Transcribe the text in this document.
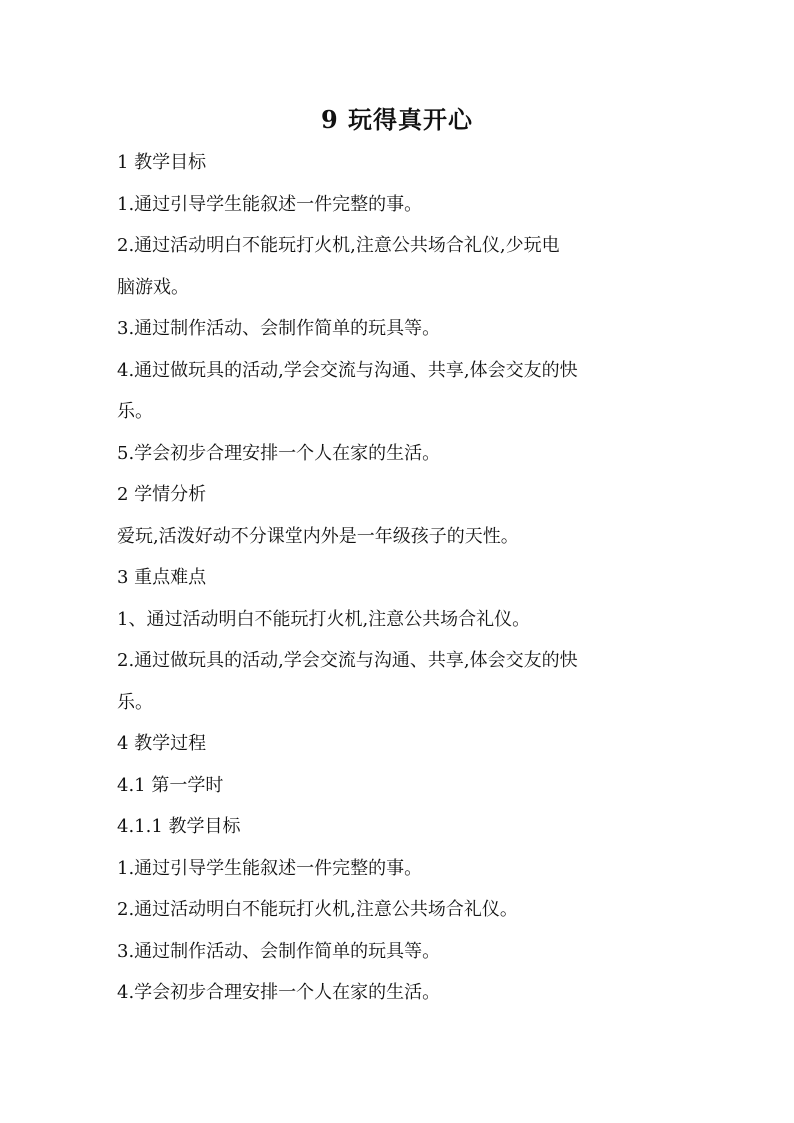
9 玩得真开心
1 教学目标
1.通过引导学生能叙述一件完整的事。
2.通过活动明白不能玩打火机,注意公共场合礼仪,少玩电
脑游戏。
3.通过制作活动、会制作简单的玩具等。
4.通过做玩具的活动,学会交流与沟通、共享,体会交友的快
乐。
5.学会初步合理安排一个人在家的生活。
2 学情分析
爱玩,活泼好动不分课堂内外是一年级孩子的天性。
3 重点难点
1、通过活动明白不能玩打火机,注意公共场合礼仪。
2.通过做玩具的活动,学会交流与沟通、共享,体会交友的快
乐。
4 教学过程
4.1 第一学时
4.1.1 教学目标
1.通过引导学生能叙述一件完整的事。
2.通过活动明白不能玩打火机,注意公共场合礼仪。
3.通过制作活动、会制作简单的玩具等。
4.学会初步合理安排一个人在家的生活。
